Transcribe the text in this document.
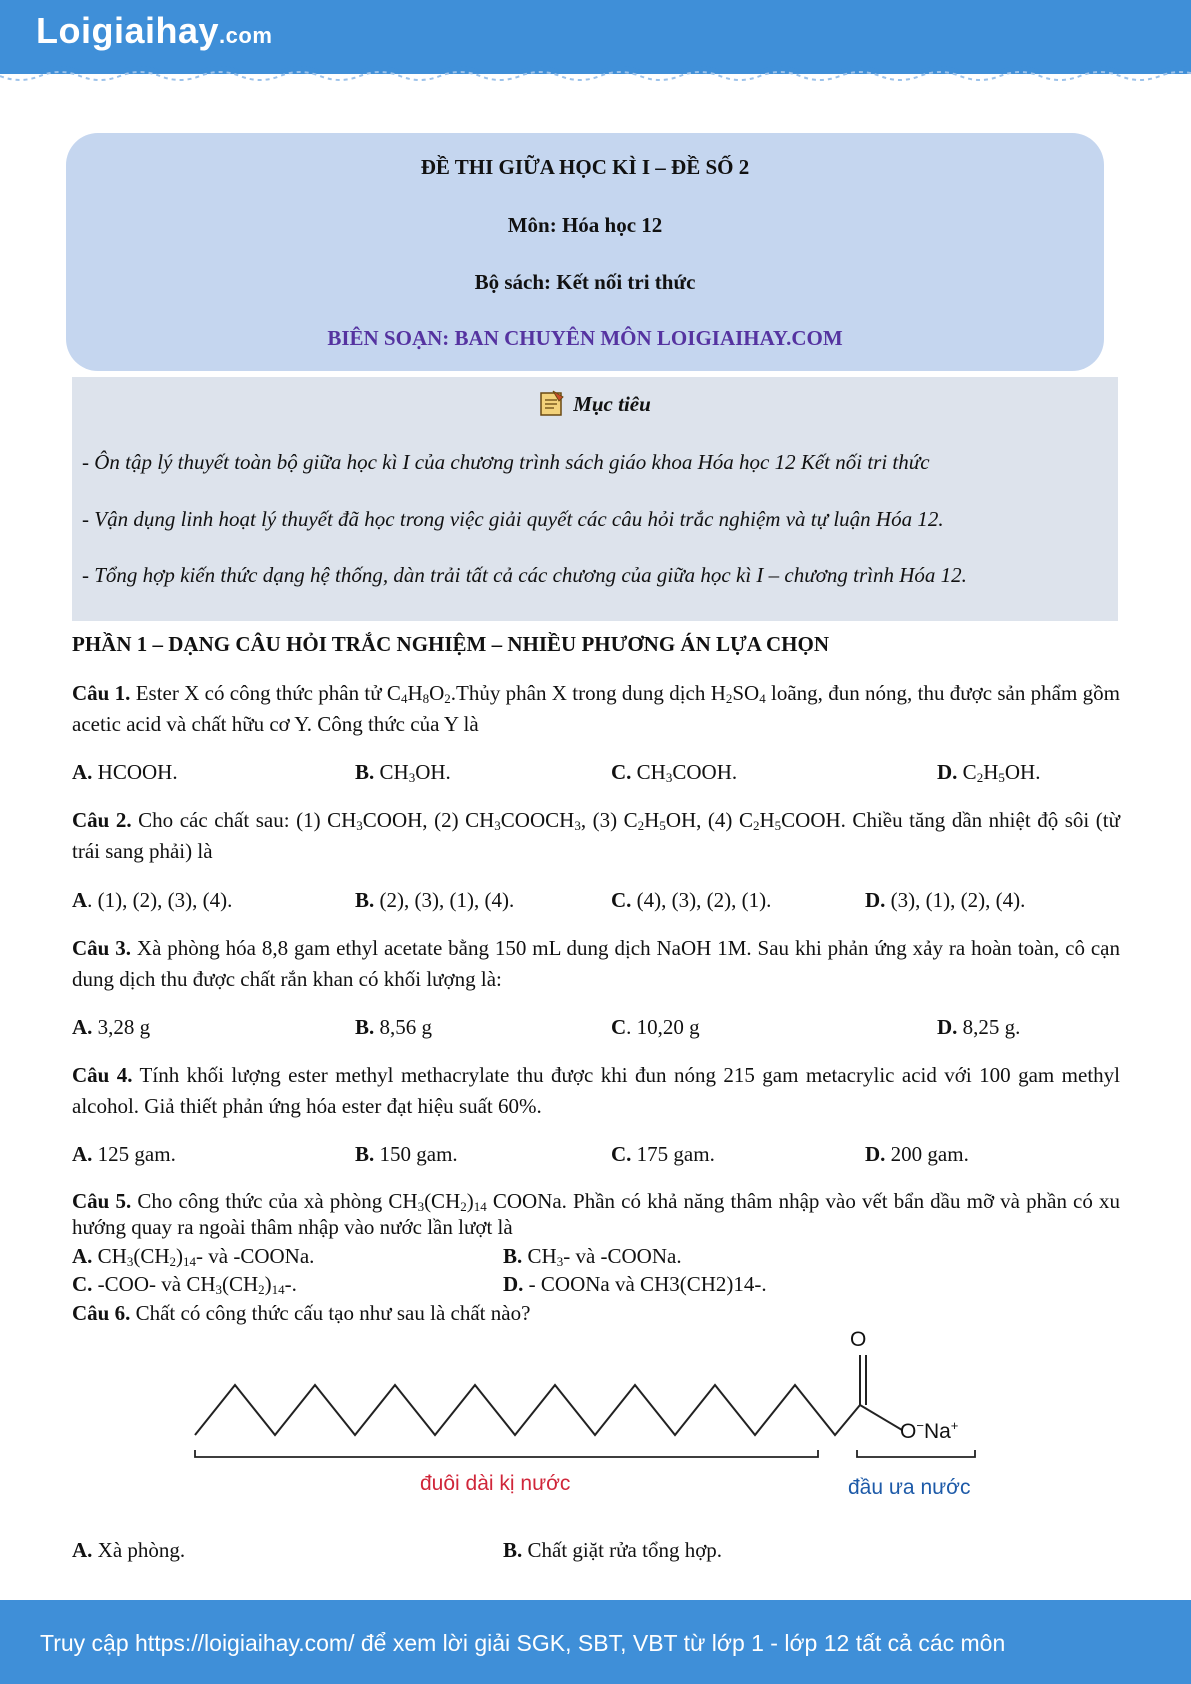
Loigiaihay.com
ĐỀ THI GIỮA HỌC KÌ I – ĐỀ SỐ 2
Môn: Hóa học 12
Bộ sách: Kết nối tri thức
BIÊN SOẠN: BAN CHUYÊN MÔN LOIGIAIHAY.COM
Mục tiêu
- Ôn tập lý thuyết toàn bộ giữa học kì I của chương trình sách giáo khoa Hóa học 12 Kết nối tri thức
- Vận dụng linh hoạt lý thuyết đã học trong việc giải quyết các câu hỏi trắc nghiệm và tự luận Hóa 12.
- Tổng hợp kiến thức dạng hệ thống, dàn trải tất cả các chương của giữa học kì I – chương trình Hóa 12.
PHẦN 1 – DẠNG CÂU HỎI TRẮC NGHIỆM – NHIỀU PHƯƠNG ÁN LỰA CHỌN
Câu 1. Ester X có công thức phân tử $C_4H_8O_2.Thủy$ phân X trong dung dịch $H_2SO_4$ loãng, đun nóng, thu được sản phẩm gồm acetic acid và chất hữu cơ Y. Công thức của Y là
A. HCOOH.	B. $CH_3OH$.	C. $CH_3COOH$.	D. $C_2H_5OH$.
Câu 2. Cho các chất sau: (1) $CH_3COOH$, (2) $CH_3COOCH_3$, (3) $C_2H_5OH$, (4) $C_2H_5COOH$. Chiều tăng dần nhiệt độ sôi (từ trái sang phải) là
A. (1), (2), (3), (4).	B. (2), (3), (1), (4).	C. (4), (3), (2), (1).	D. (3), (1), (2), (4).
Câu 3. Xà phòng hóa 8,8 gam ethyl acetate bằng 150 mL dung dịch NaOH 1M. Sau khi phản ứng xảy ra hoàn toàn, cô cạn dung dịch thu được chất rắn khan có khối lượng là:
A. 3,28 g	B. 8,56 g	C. 10,20 g	D. 8,25 g.
Câu 4. Tính khối lượng ester methyl methacrylate thu được khi đun nóng 215 gam metacrylic acid với 100 gam methyl alcohol. Giả thiết phản ứng hóa ester đạt hiệu suất 60%.
A. 125 gam.	B. 150 gam.	C. 175 gam.	D. 200 gam.
Câu 5. Cho công thức của xà phòng $CH_3(CH_2)_{14}$ COONa. Phần có khả năng thâm nhập vào vết bẩn dầu mỡ và phần có xu hướng quay ra ngoài thâm nhập vào nước lần lượt là
A. $CH_3(CH_2)_{14}-$ và -COONa.	B. $CH_3-$ và -COONa.
C. -COO- và $CH_3(CH_2)_{14}-$.	D. - COONa và CH3(CH2)14-.
Câu 6. Chất có công thức cấu tạo như sau là chất nào?
O
O−Na+
đuôi dài kị nước	đầu ưa nước
A. Xà phòng.	B. Chất giặt rửa tổng hợp.
Truy cập https://loigiaihay.com/ để xem lời giải SGK, SBT, VBT từ lớp 1 - lớp 12 tất cả các môn
